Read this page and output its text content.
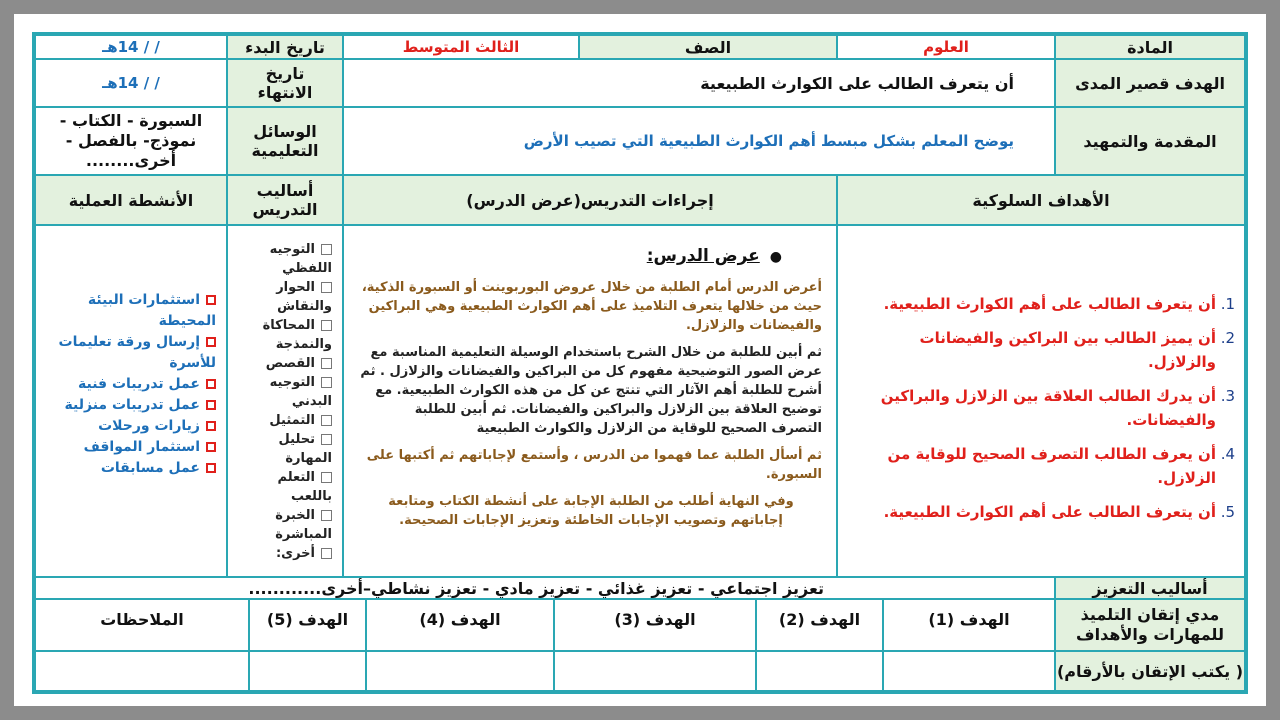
المادة
العلوم
الصف
الثالث المتوسط
تاريخ البدء
/ / 14هـ
الهدف قصير المدى
أن يتعرف الطالب على الكوارث الطبيعية
تاريخ الانتهاء
/ / 14هـ
المقدمة والتمهيد
يوضح المعلم بشكل مبسط أهم الكوارث الطبيعية التي تصيب الأرض
الوسائل التعليمية
السبورة - الكتاب - نموذج- بالفصل - أخرى........
الأهداف السلوكية
إجراءات التدريس(عرض الدرس)
أساليب التدريس
الأنشطة العملية
1. أن يتعرف الطالب على أهم الكوارث الطبيعية.
2. أن يميز الطالب بين البراكين والفيضانات والزلازل.
3. أن يدرك الطالب العلاقة بين الزلازل والبراكين والفيضانات.
4. أن يعرف الطالب التصرف الصحيح للوقاية من الزلازل.
5. أن يتعرف الطالب على أهم الكوارث الطبيعية.
●عرض الدرس:

أعرض الدرس أمام الطلبة من خلال عروض البوربوينت أو السبورة الذكية، حيث من خلالها يتعرف التلاميذ على أهم الكوارث الطبيعية وهي البراكين والفيضانات والزلازل.

ثم أبين للطلبة من خلال الشرح باستخدام الوسيلة التعليمية المناسبة مع عرض الصور التوضيحية مفهوم كل من البراكين والفيضانات والزلازل . ثم أشرح للطلبة أهم الآثار التي تنتج عن كل من هذه الكوارث الطبيعية. مع توضيح العلاقة بين الزلازل والبراكين والفيضانات. ثم أبين للطلبة التصرف الصحيح للوقاية من الزلازل والكوارث الطبيعية

ثم أسأل الطلبة عما فهموا من الدرس ، وأستمع لإجاباتهم ثم أكتبها على السبورة.

وفي النهاية أطلب من الطلبة الإجابة على أنشطة الكتاب ومتابعة إجاباتهم وتصويب الإجابات الخاطئة وتعزيز الإجابات الصحيحة.

التوجيه اللفظي
الحوار والنقاش
المحاكاة والنمذجة
القصص
التوجيه البدني
التمثيل
تحليل المهارة
التعلم باللعب
الخبرة المباشرة
أخرى:
استثمارات البيئة المحيطة
إرسال ورقة تعليمات للأسرة
عمل تدريبات فنية
عمل تدريبات منزلية
زيارات ورحلات
استثمار المواقف
عمل مسابقات
أساليب التعزيز
تعزيز اجتماعي - تعزيز غذائي - تعزيز مادي - تعزيز نشاطي–أخرى............
مدي إتقان التلميذ للمهارات والأهداف
الهدف (1)
الهدف (2)
الهدف (3)
الهدف (4)
الهدف (5)
الملاحظات
( يكتب الإتقان بالأرقام)
